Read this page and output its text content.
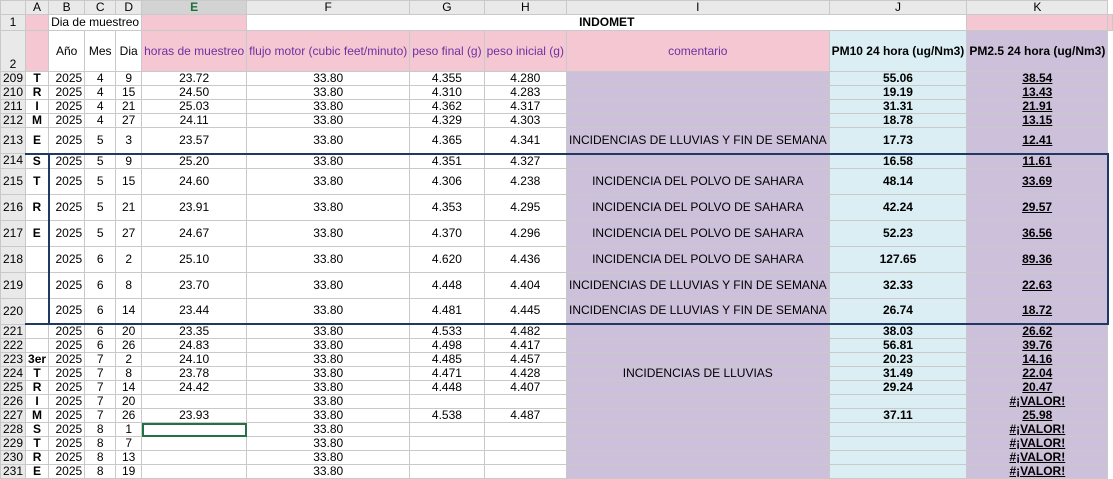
	A	B	C	D	E	F	G	H	I	J	K	
1		Dia de muestreo				INDOMET						
2		Año	Mes	Dia	horas de muestreo	flujo motor (cubic feet/minuto)	peso final (g)	peso inicial (g)	comentario	PM10 24 hora (ug/Nm3)	PM2.5 24 hora (ug/Nm3)	
209	T	2025	4	9	23.72	33.80	4.355	4.280		55.06	38.54	
210	R	2025	4	15	24.50	33.80	4.310	4.283		19.19	13.43	
211	I	2025	4	21	25.03	33.80	4.362	4.317		31.31	21.91	
212	M	2025	4	27	24.11	33.80	4.329	4.303		18.78	13.15	
213	E	2025	5	3	23.57	33.80	4.365	4.341	INCIDENCIAS DE LLUVIAS Y FIN DE SEMANA	17.73	12.41	
214	S	2025	5	9	25.20	33.80	4.351	4.327		16.58	11.61	
215	T	2025	5	15	24.60	33.80	4.306	4.238	INCIDENCIA DEL POLVO DE SAHARA	48.14	33.69	
216	R	2025	5	21	23.91	33.80	4.353	4.295	INCIDENCIA DEL POLVO DE SAHARA	42.24	29.57	
217	E	2025	5	27	24.67	33.80	4.370	4.296	INCIDENCIA DEL POLVO DE SAHARA	52.23	36.56	
218		2025	6	2	25.10	33.80	4.620	4.436	INCIDENCIA DEL POLVO DE SAHARA	127.65	89.36	
219		2025	6	8	23.70	33.80	4.448	4.404	INCIDENCIAS DE LLUVIAS Y FIN DE SEMANA	32.33	22.63	
220		2025	6	14	23.44	33.80	4.481	4.445	INCIDENCIAS DE LLUVIAS Y FIN DE SEMANA	26.74	18.72	
221		2025	6	20	23.35	33.80	4.533	4.482		38.03	26.62	
222		2025	6	26	24.83	33.80	4.498	4.417		56.81	39.76	
223	3er	2025	7	2	24.10	33.80	4.485	4.457		20.23	14.16	
224	T	2025	7	8	23.78	33.80	4.471	4.428	INCIDENCIAS DE LLUVIAS	31.49	22.04	
225	R	2025	7	14	24.42	33.80	4.448	4.407		29.24	20.47	
226	I	2025	7	20		33.80					#¡VALOR!	
227	M	2025	7	26	23.93	33.80	4.538	4.487		37.11	25.98	
228	S	2025	8	1		33.80					#¡VALOR!	
229	T	2025	8	7		33.80					#¡VALOR!	
230	R	2025	8	13		33.80					#¡VALOR!	
231	E	2025	8	19		33.80					#¡VALOR!	
